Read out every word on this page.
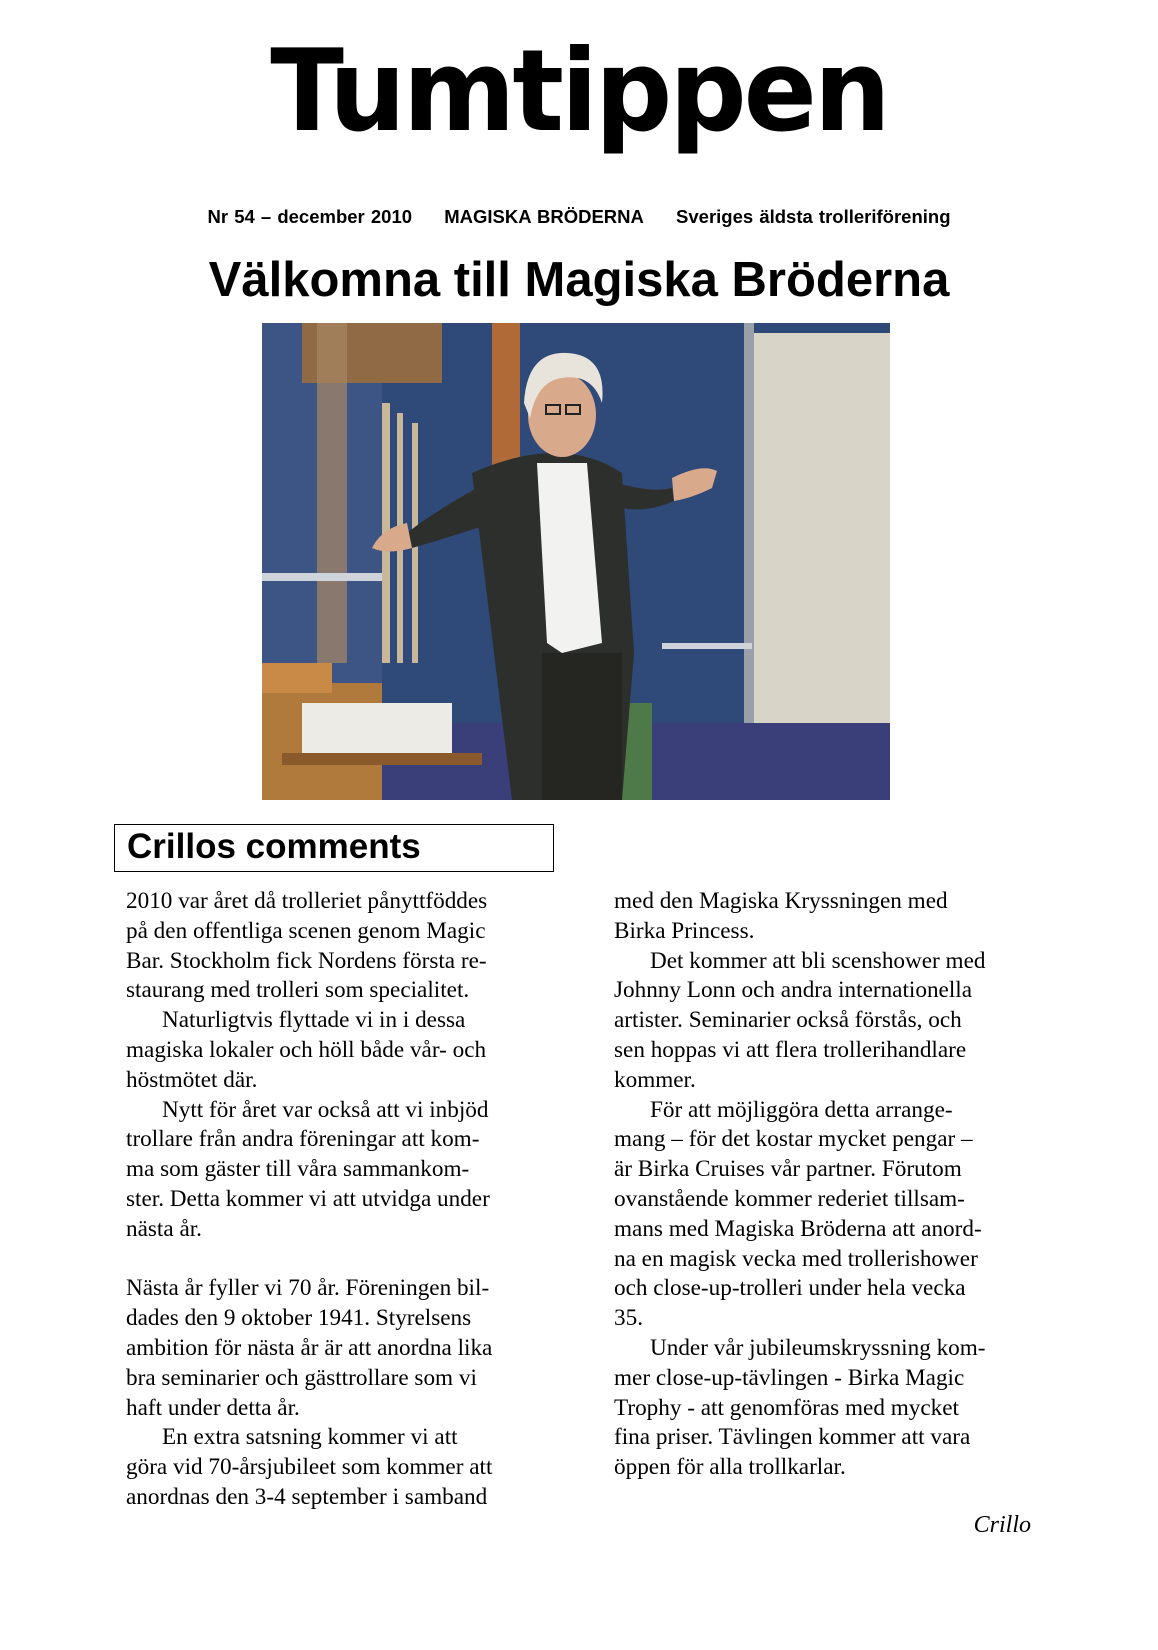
Tumtippen
Nr 54 – december 2010 MAGISKA BRÖDERNA Sveriges äldsta trolleriförening
Välkomna till Magiska Bröderna
Crillos comments
2010 var året då trolleriet pånyttföddes
på den offentliga scenen genom Magic
Bar. Stockholm fick Nordens första re-
staurang med trolleri som specialitet.
Naturligtvis flyttade vi in i dessa
magiska lokaler och höll både vår- och
höstmötet där.
Nytt för året var också att vi inbjöd
trollare från andra föreningar att kom-
ma som gäster till våra sammankom-
ster. Detta kommer vi att utvidga under
nästa år.
Nästa år fyller vi 70 år. Föreningen bil-
dades den 9 oktober 1941. Styrelsens
ambition för nästa år är att anordna lika
bra seminarier och gästtrollare som vi
haft under detta år.
En extra satsning kommer vi att
göra vid 70-årsjubileet som kommer att
anordnas den 3-4 september i samband
med den Magiska Kryssningen med
Birka Princess.
Det kommer att bli scenshower med
Johnny Lonn och andra internationella
artister. Seminarier också förstås, och
sen hoppas vi att flera trollerihandlare
kommer.
För att möjliggöra detta arrange-
mang – för det kostar mycket pengar –
är Birka Cruises vår partner. Förutom
ovanstående kommer rederiet tillsam-
mans med Magiska Bröderna att anord-
na en magisk vecka med trollerishower
och close-up-trolleri under hela vecka
35.
Under vår jubileumskryssning kom-
mer close-up-tävlingen - Birka Magic
Trophy - att genomföras med mycket
fina priser. Tävlingen kommer att vara
öppen för alla trollkarlar.
Crillo
